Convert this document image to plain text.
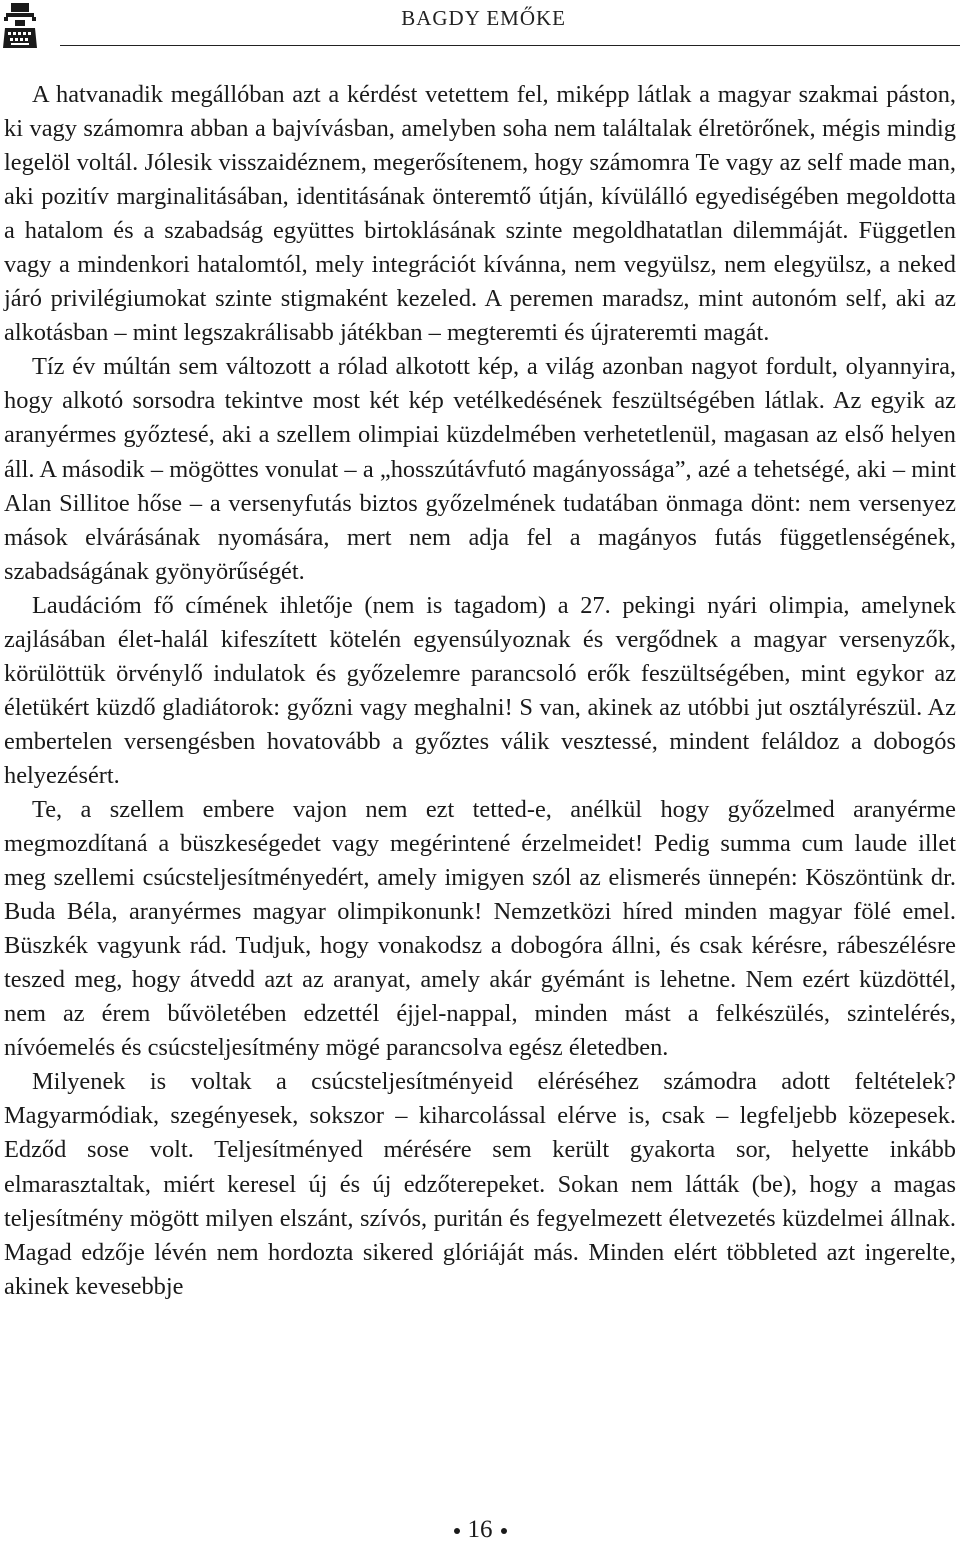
BAGDY EMŐKE

A hatvanadik megállóban azt a kérdést vetettem fel, miképp látlak a magyar szakmai páston, ki vagy számomra abban a bajvívásban, amelyben soha nem találtalak élretörőnek, mégis mindig legelöl voltál. Jólesik visszaidéznem, megerősítenem, hogy számomra Te vagy az self made man, aki pozitív marginalitásában, identitásának önteremtő útján, kívülálló egyediségében megoldotta a hatalom és a szabadság együttes birtoklásának szinte megoldhatatlan dilemmáját. Független vagy a mindenkori hatalomtól, mely integrációt kívánna, nem vegyülsz, nem elegyülsz, a neked járó privilégiumokat szinte stigmaként kezeled. A peremen maradsz, mint autonóm self, aki az alkotásban – mint legszakrálisabb játékban – megteremti és újrateremti magát.

Tíz év múltán sem változott a rólad alkotott kép, a világ azonban nagyot fordult, olyannyira, hogy alkotó sorsodra tekintve most két kép vetélkedésének feszültségében látlak. Az egyik az aranyérmes győztesé, aki a szellem olimpiai küzdelmében verhetetlenül, magasan az első helyen áll. A második – mögöttes vonulat – a „hosszútávfutó magányossága”, azé a tehetségé, aki – mint Alan Sillitoe hőse – a versenyfutás biztos győzelmének tudatában önmaga dönt: nem versenyez mások elvárásának nyomására, mert nem adja fel a magányos futás függetlenségének, szabadságának gyönyörűségét.

Laudációm fő címének ihletője (nem is tagadom) a 27. pekingi nyári olimpia, amelynek zajlásában élet-halál kifeszített kötelén egyensúlyoznak és vergődnek a magyar versenyzők, körülöttük örvénylő indulatok és győzelemre parancsoló erők feszültségében, mint egykor az életükért küzdő gladiátorok: győzni vagy meghalni! S van, akinek az utóbbi jut osztályrészül. Az embertelen versengésben hovatovább a győztes válik vesztessé, mindent feláldoz a dobogós helyezésért.

Te, a szellem embere vajon nem ezt tetted-e, anélkül hogy győzelmed aranyérme megmozdítaná a büszkeségedet vagy megérintené érzelmeidet! Pedig summa cum laude illet meg szellemi csúcsteljesítményedért, amely imigyen szól az elismerés ünnepén: Köszöntünk dr. Buda Béla, aranyérmes magyar olimpikonunk! Nemzetközi híred minden magyar fölé emel. Büszkék vagyunk rád. Tudjuk, hogy vonakodsz a dobogóra állni, és csak kérésre, rábeszélésre teszed meg, hogy átvedd azt az aranyat, amely akár gyémánt is lehetne. Nem ezért küzdöttél, nem az érem bűvöletében edzettél éjjel-nappal, minden mást a felkészülés, szintelérés, nívóemelés és csúcsteljesítmény mögé parancsolva egész életedben.

Milyenek is voltak a csúcsteljesítményeid eléréséhez számodra adott feltételek? Magyarmódiak, szegényesek, sokszor – kiharcolással elérve is, csak – legfeljebb közepesek. Edződ sose volt. Teljesítményed mérésére sem került gyakorta sor, helyette inkább elmarasztaltak, miért keresel új és új edzőterepeket. Sokan nem látták (be), hogy a magas teljesítmény mögött milyen elszánt, szívós, puritán és fegyelmezett életvezetés küzdelmei állnak. Magad edzője lévén nem hordozta sikered glóriáját más. Minden elért többleted azt ingerelte, akinek kevesebbje

16
